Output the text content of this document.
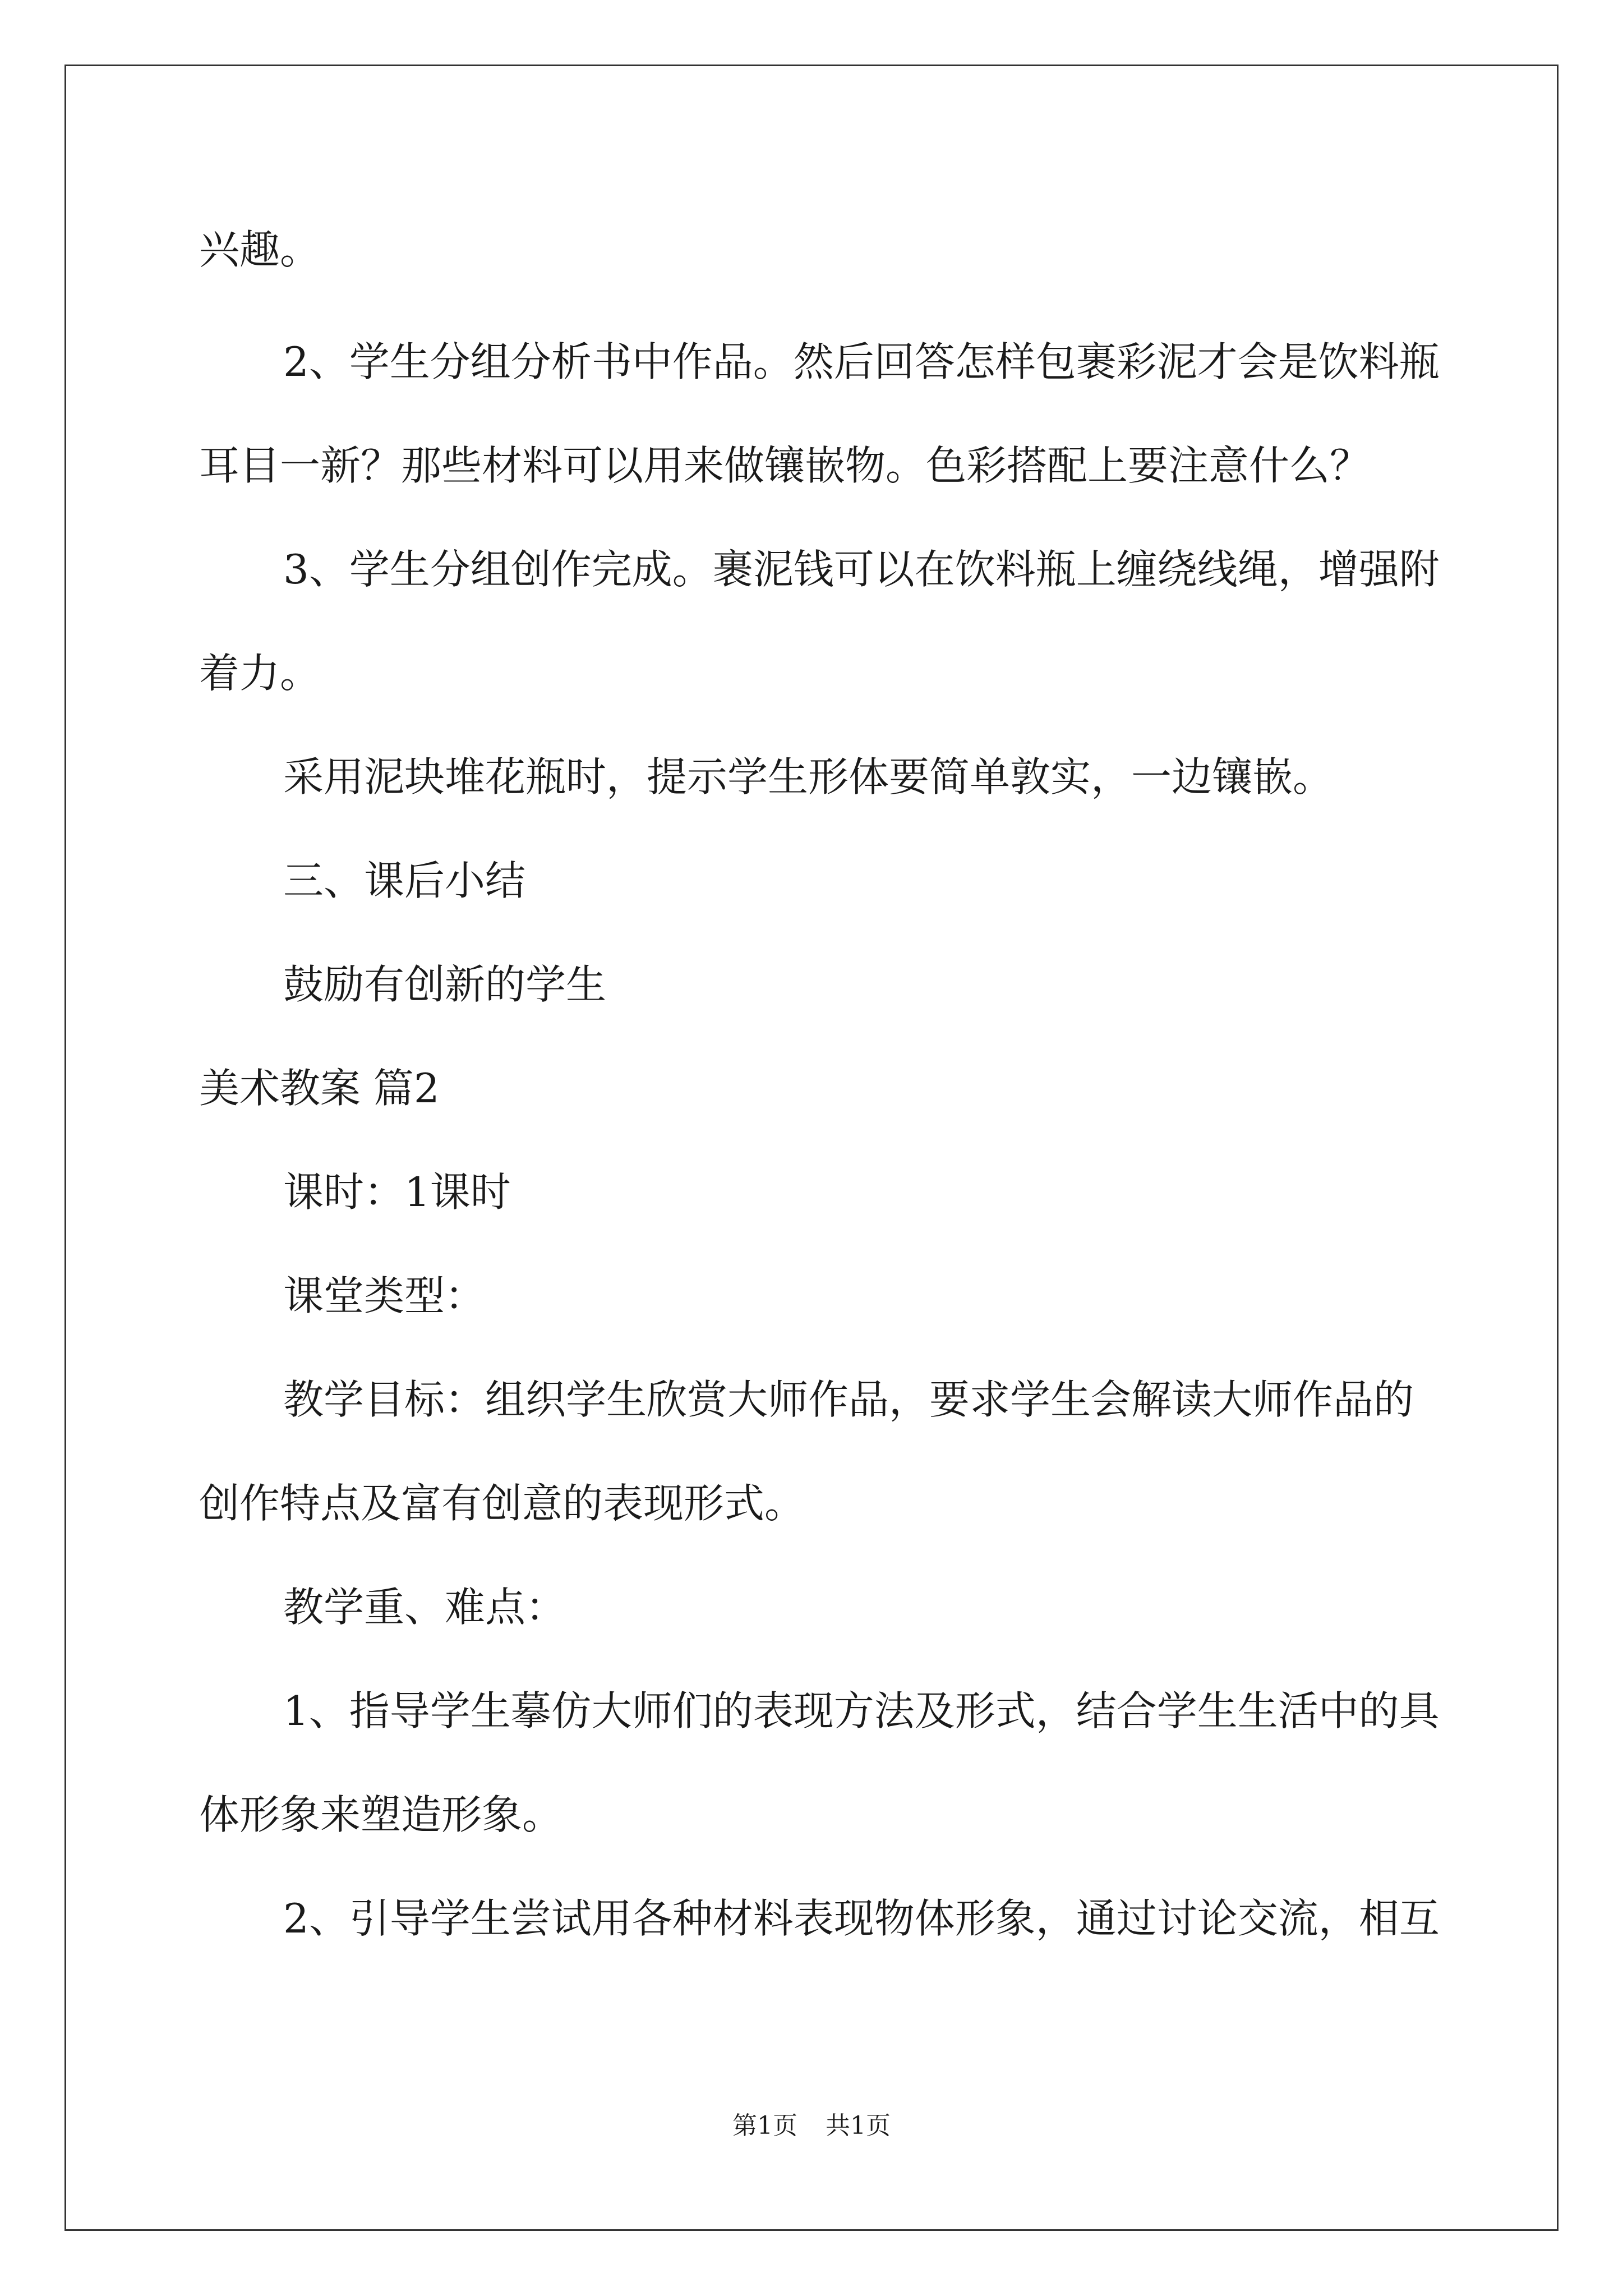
兴趣。
2、学生分组分析书中作品。然后回答怎样包裹彩泥才会是饮料瓶
耳目一新？那些材料可以用来做镶嵌物。色彩搭配上要注意什么？
3、学生分组创作完成。裹泥钱可以在饮料瓶上缠绕线绳，增强附
着力。
采用泥块堆花瓶时，提示学生形体要简单敦实，一边镶嵌。
三、课后小结
鼓励有创新的学生
美术教案 篇2
课时：1课时
课堂类型：
教学目标：组织学生欣赏大师作品，要求学生会解读大师作品的
创作特点及富有创意的表现形式。
教学重、难点：
1、指导学生摹仿大师们的表现方法及形式，结合学生生活中的具
体形象来塑造形象。
2、引导学生尝试用各种材料表现物体形象，通过讨论交流，相互
第1页 共1页
